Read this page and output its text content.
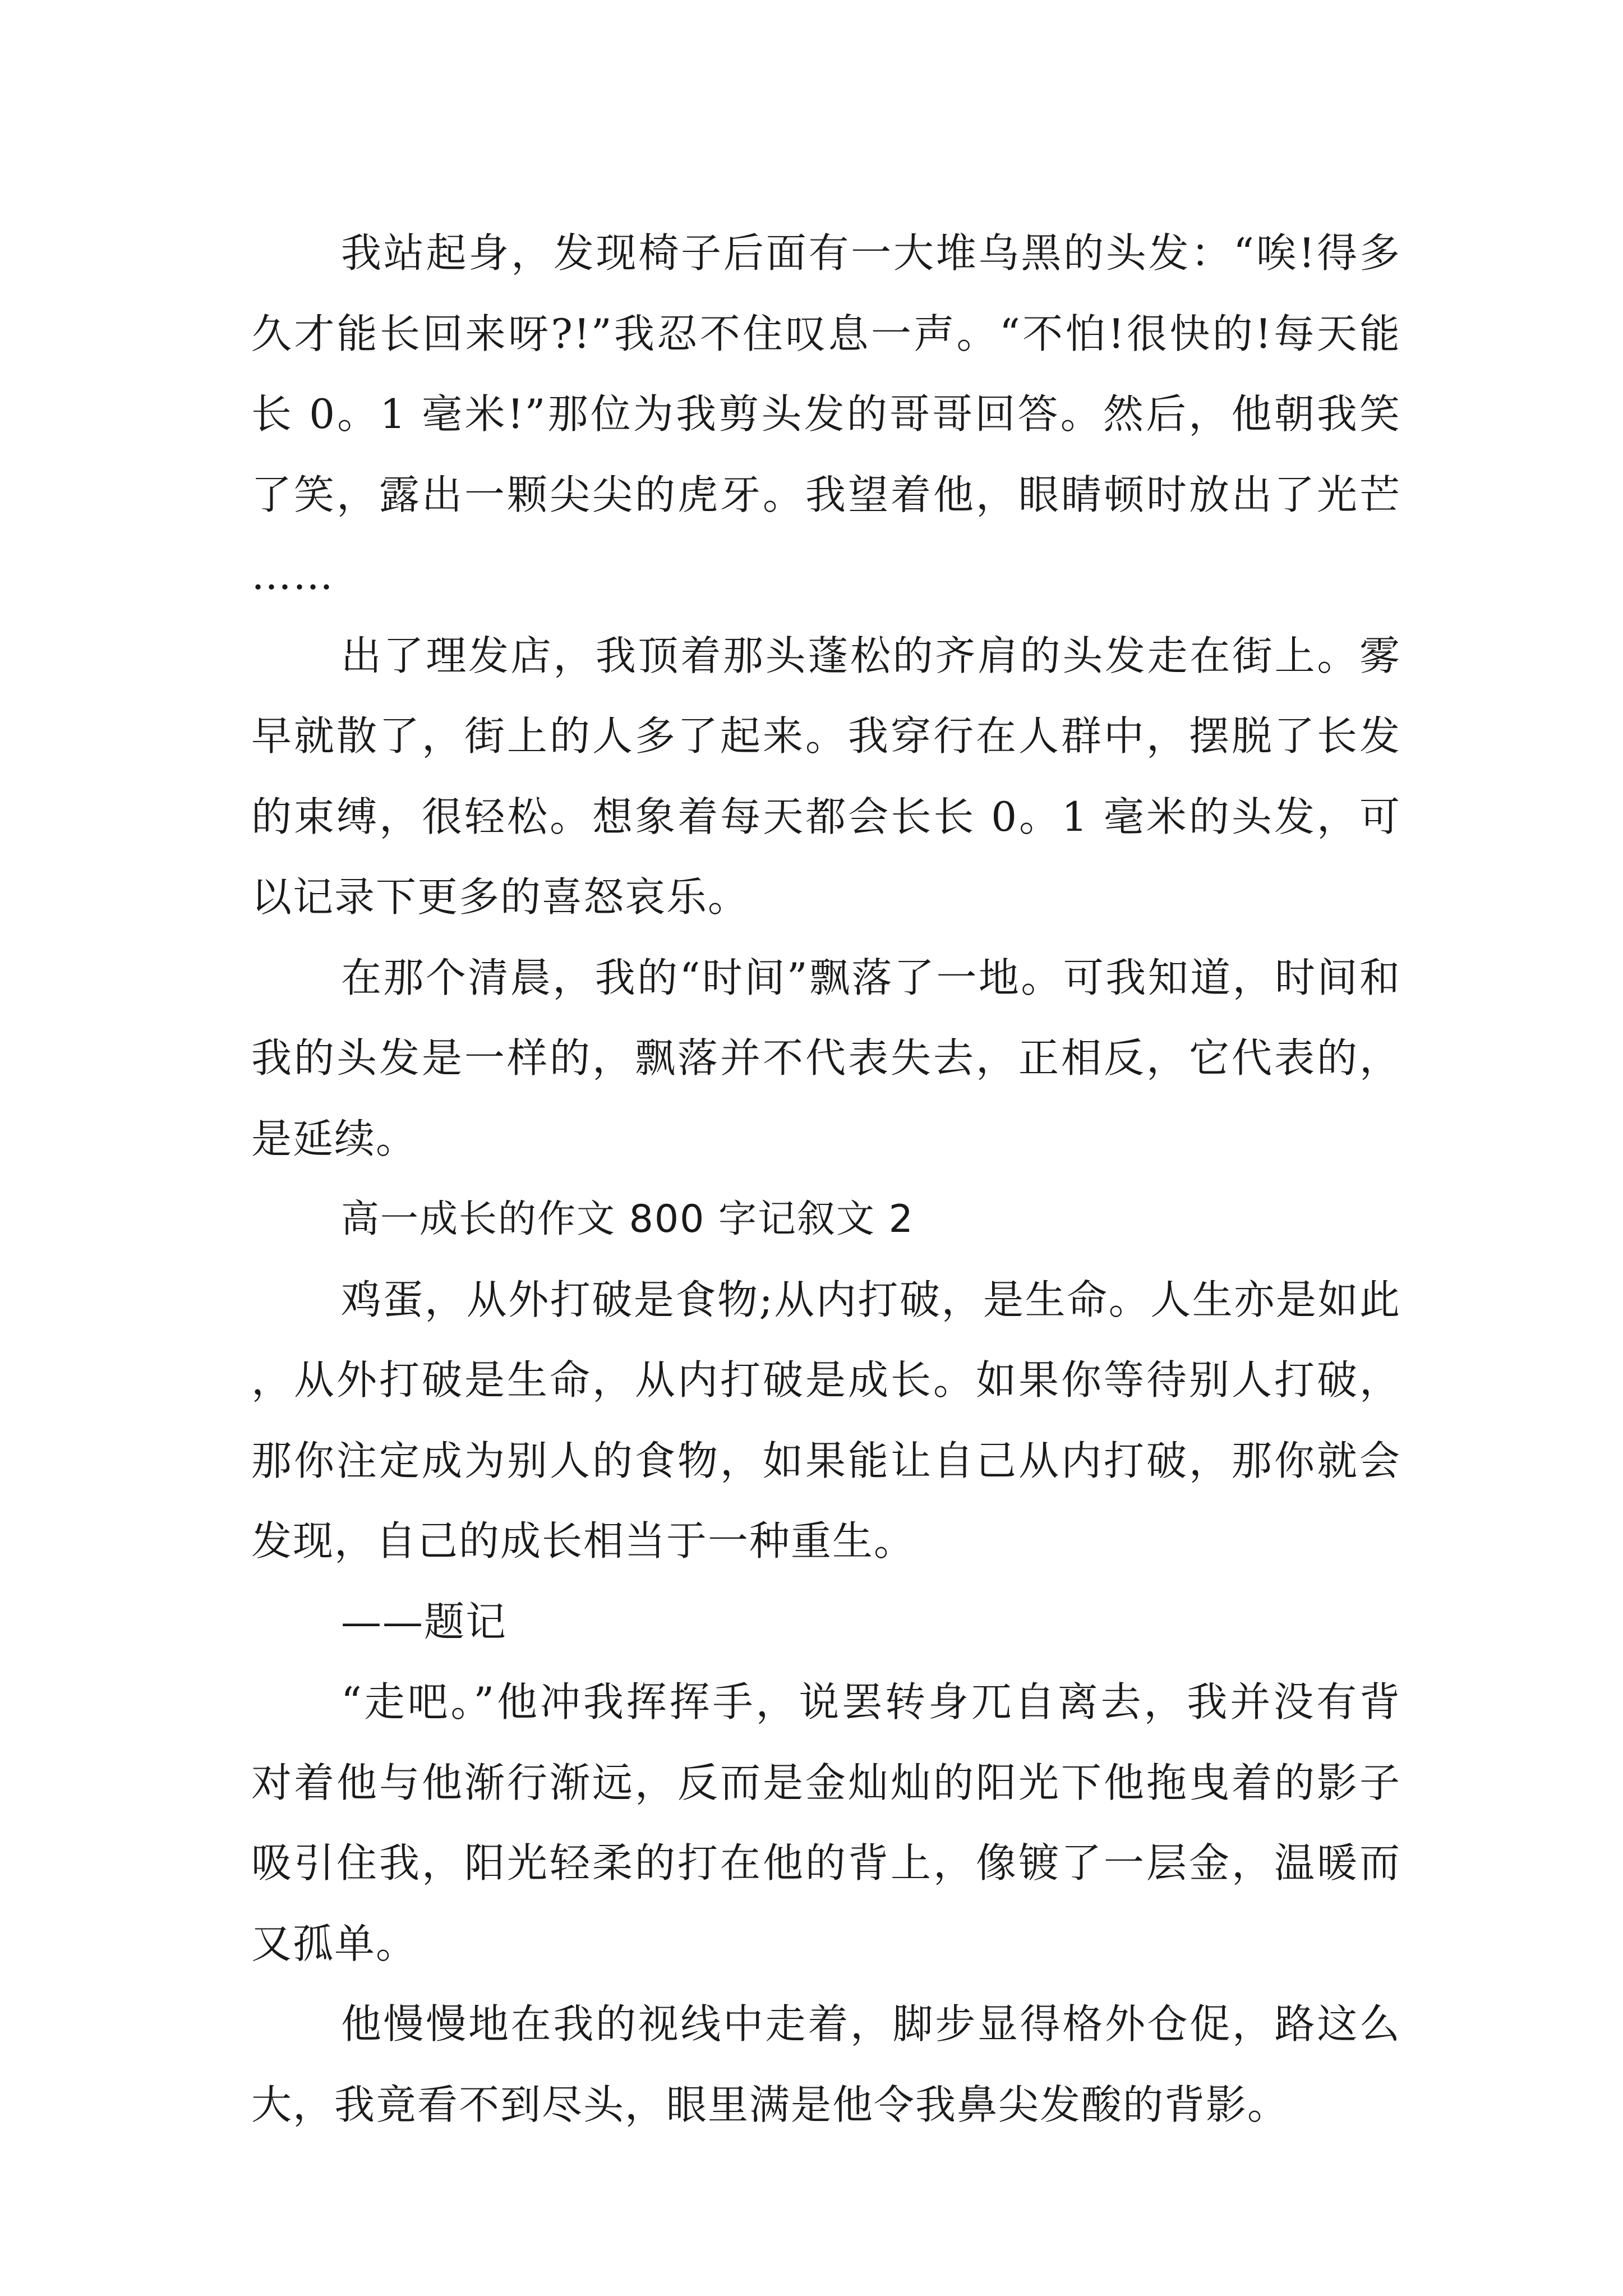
我站起身，发现椅子后面有一大堆乌黑的头发：“唉!得多久才能长回来呀?!”我忍不住叹息一声。“不怕!很快的!每天能长 0。1 毫米!”那位为我剪头发的哥哥回答。然后，他朝我笑了笑，露出一颗尖尖的虎牙。我望着他，眼睛顿时放出了光芒……

出了理发店，我顶着那头蓬松的齐肩的头发走在街上。雾早就散了，街上的人多了起来。我穿行在人群中，摆脱了长发的束缚，很轻松。想象着每天都会长长 0。1 毫米的头发，可以记录下更多的喜怒哀乐。

在那个清晨，我的“时间”飘落了一地。可我知道，时间和我的头发是一样的，飘落并不代表失去，正相反，它代表的，是延续。

高一成长的作文 800 字记叙文 2

鸡蛋，从外打破是食物;从内打破，是生命。人生亦是如此，从外打破是生命，从内打破是成长。如果你等待别人打破，那你注定成为别人的食物，如果能让自己从内打破，那你就会发现，自己的成长相当于一种重生。

——题记

“走吧。”他冲我挥挥手，说罢转身兀自离去，我并没有背对着他与他渐行渐远，反而是金灿灿的阳光下他拖曳着的影子吸引住我，阳光轻柔的打在他的背上，像镀了一层金，温暖而又孤单。

他慢慢地在我的视线中走着，脚步显得格外仓促，路这么大，我竟看不到尽头，眼里满是他令我鼻尖发酸的背影。
